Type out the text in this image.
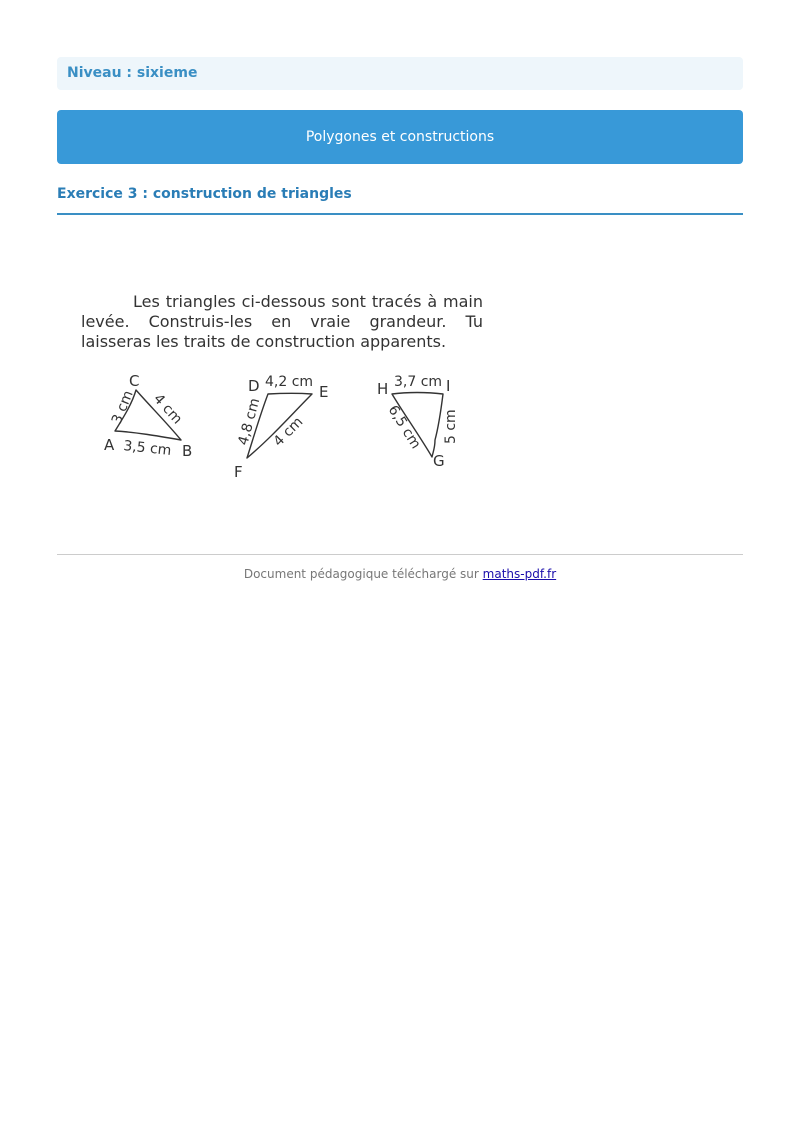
Niveau : sixieme
Polygones et constructions
Exercice 3 : construction de triangles
Les triangles ci-dessous sont tracés à main levée. Construis-les en vraie grandeur. Tu laisseras les traits de construction apparents.
C
A	B
3 cm 4 cm
3,5 cm
D	E
F
4,2 cm
4,8 cm 4 cm
H	I
G
3,7 cm
6,5 cm 5 cm
Document pédagogique téléchargé sur maths-pdf.fr
